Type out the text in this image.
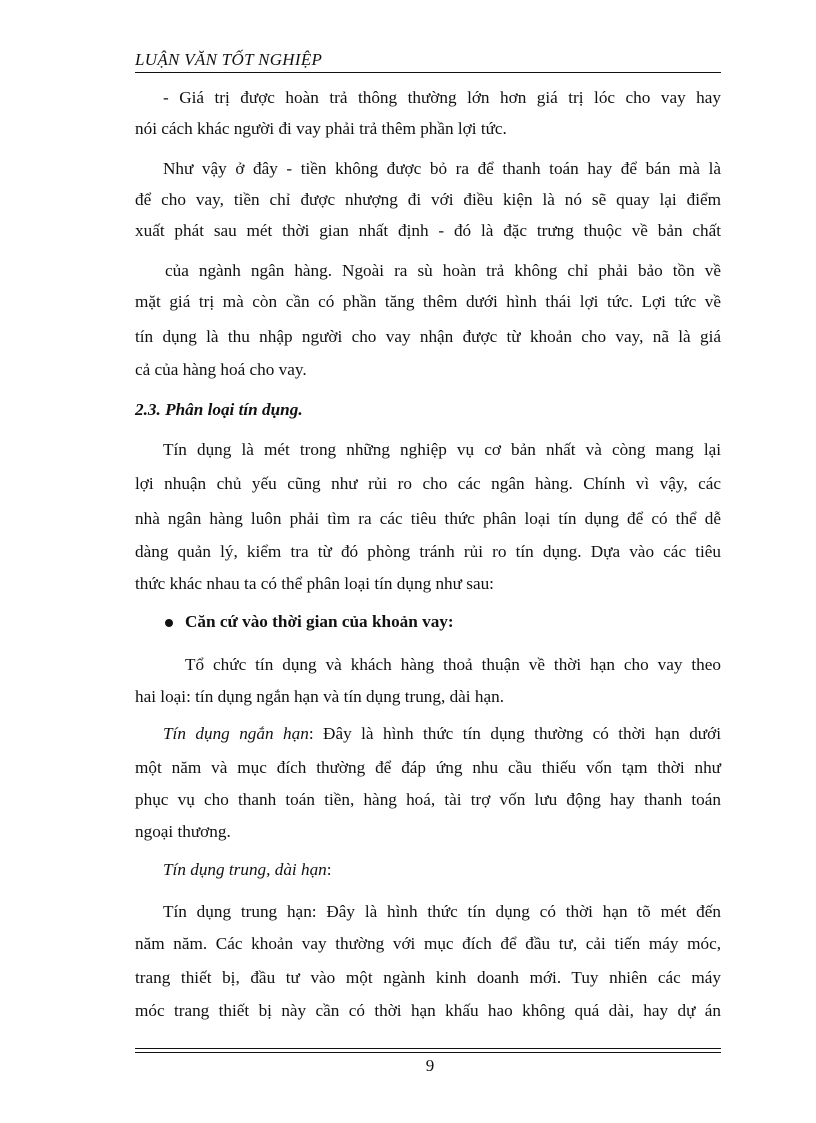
LUẬN VĂN TỐT NGHIỆP
- Giá trị được hoàn trả thông thường lớn hơn giá trị lóc cho vay hay
nói cách khác người đi vay phải trả thêm phần lợi tức.
Như vậy ở đây - tiền không được bỏ ra để thanh toán hay để bán mà là
để cho vay, tiền chỉ được nhượng đi với điều kiện là nó sẽ quay lại điểm
xuất phát sau mét thời gian nhất định - đó là đặc trưng thuộc về bản chất
của ngành ngân hàng. Ngoài ra sù hoàn trả không chỉ phải bảo tồn về
mặt giá trị mà còn cần có phần tăng thêm dưới hình thái lợi tức. Lợi tức về
tín dụng là thu nhập người cho vay nhận được từ khoản cho vay, nã là giá
cả của hàng hoá cho vay.
2.3. Phân loại tín dụng.
Tín dụng là mét trong những nghiệp vụ cơ bản nhất và còng mang lại
lợi nhuận chủ yếu cũng như rủi ro cho các ngân hàng. Chính vì vậy, các
nhà ngân hàng luôn phải tìm ra các tiêu thức phân loại tín dụng để có thể dễ
dàng quản lý, kiểm tra từ đó phòng tránh rủi ro tín dụng. Dựa vào các tiêu
thức khác nhau ta có thể phân loại tín dụng như sau:
Căn cứ vào thời gian của khoản vay:
Tổ chức tín dụng và khách hàng thoả thuận về thời hạn cho vay theo
hai loại: tín dụng ngắn hạn và tín dụng trung, dài hạn.
Tín dụng ngắn hạn: Đây là hình thức tín dụng thường có thời hạn dưới
một năm và mục đích thường để đáp ứng nhu cầu thiếu vốn tạm thời như
phục vụ cho thanh toán tiền, hàng hoá, tài trợ vốn lưu động hay thanh toán
ngoại thương.
Tín dụng trung, dài hạn:
Tín dụng trung hạn: Đây là hình thức tín dụng có thời hạn tõ mét đến
năm năm. Các khoản vay thường với mục đích để đầu tư, cải tiến máy móc,
trang thiết bị, đầu tư vào một ngành kinh doanh mới. Tuy nhiên các máy
móc trang thiết bị này cần có thời hạn khấu hao không quá dài, hay dự án
9
